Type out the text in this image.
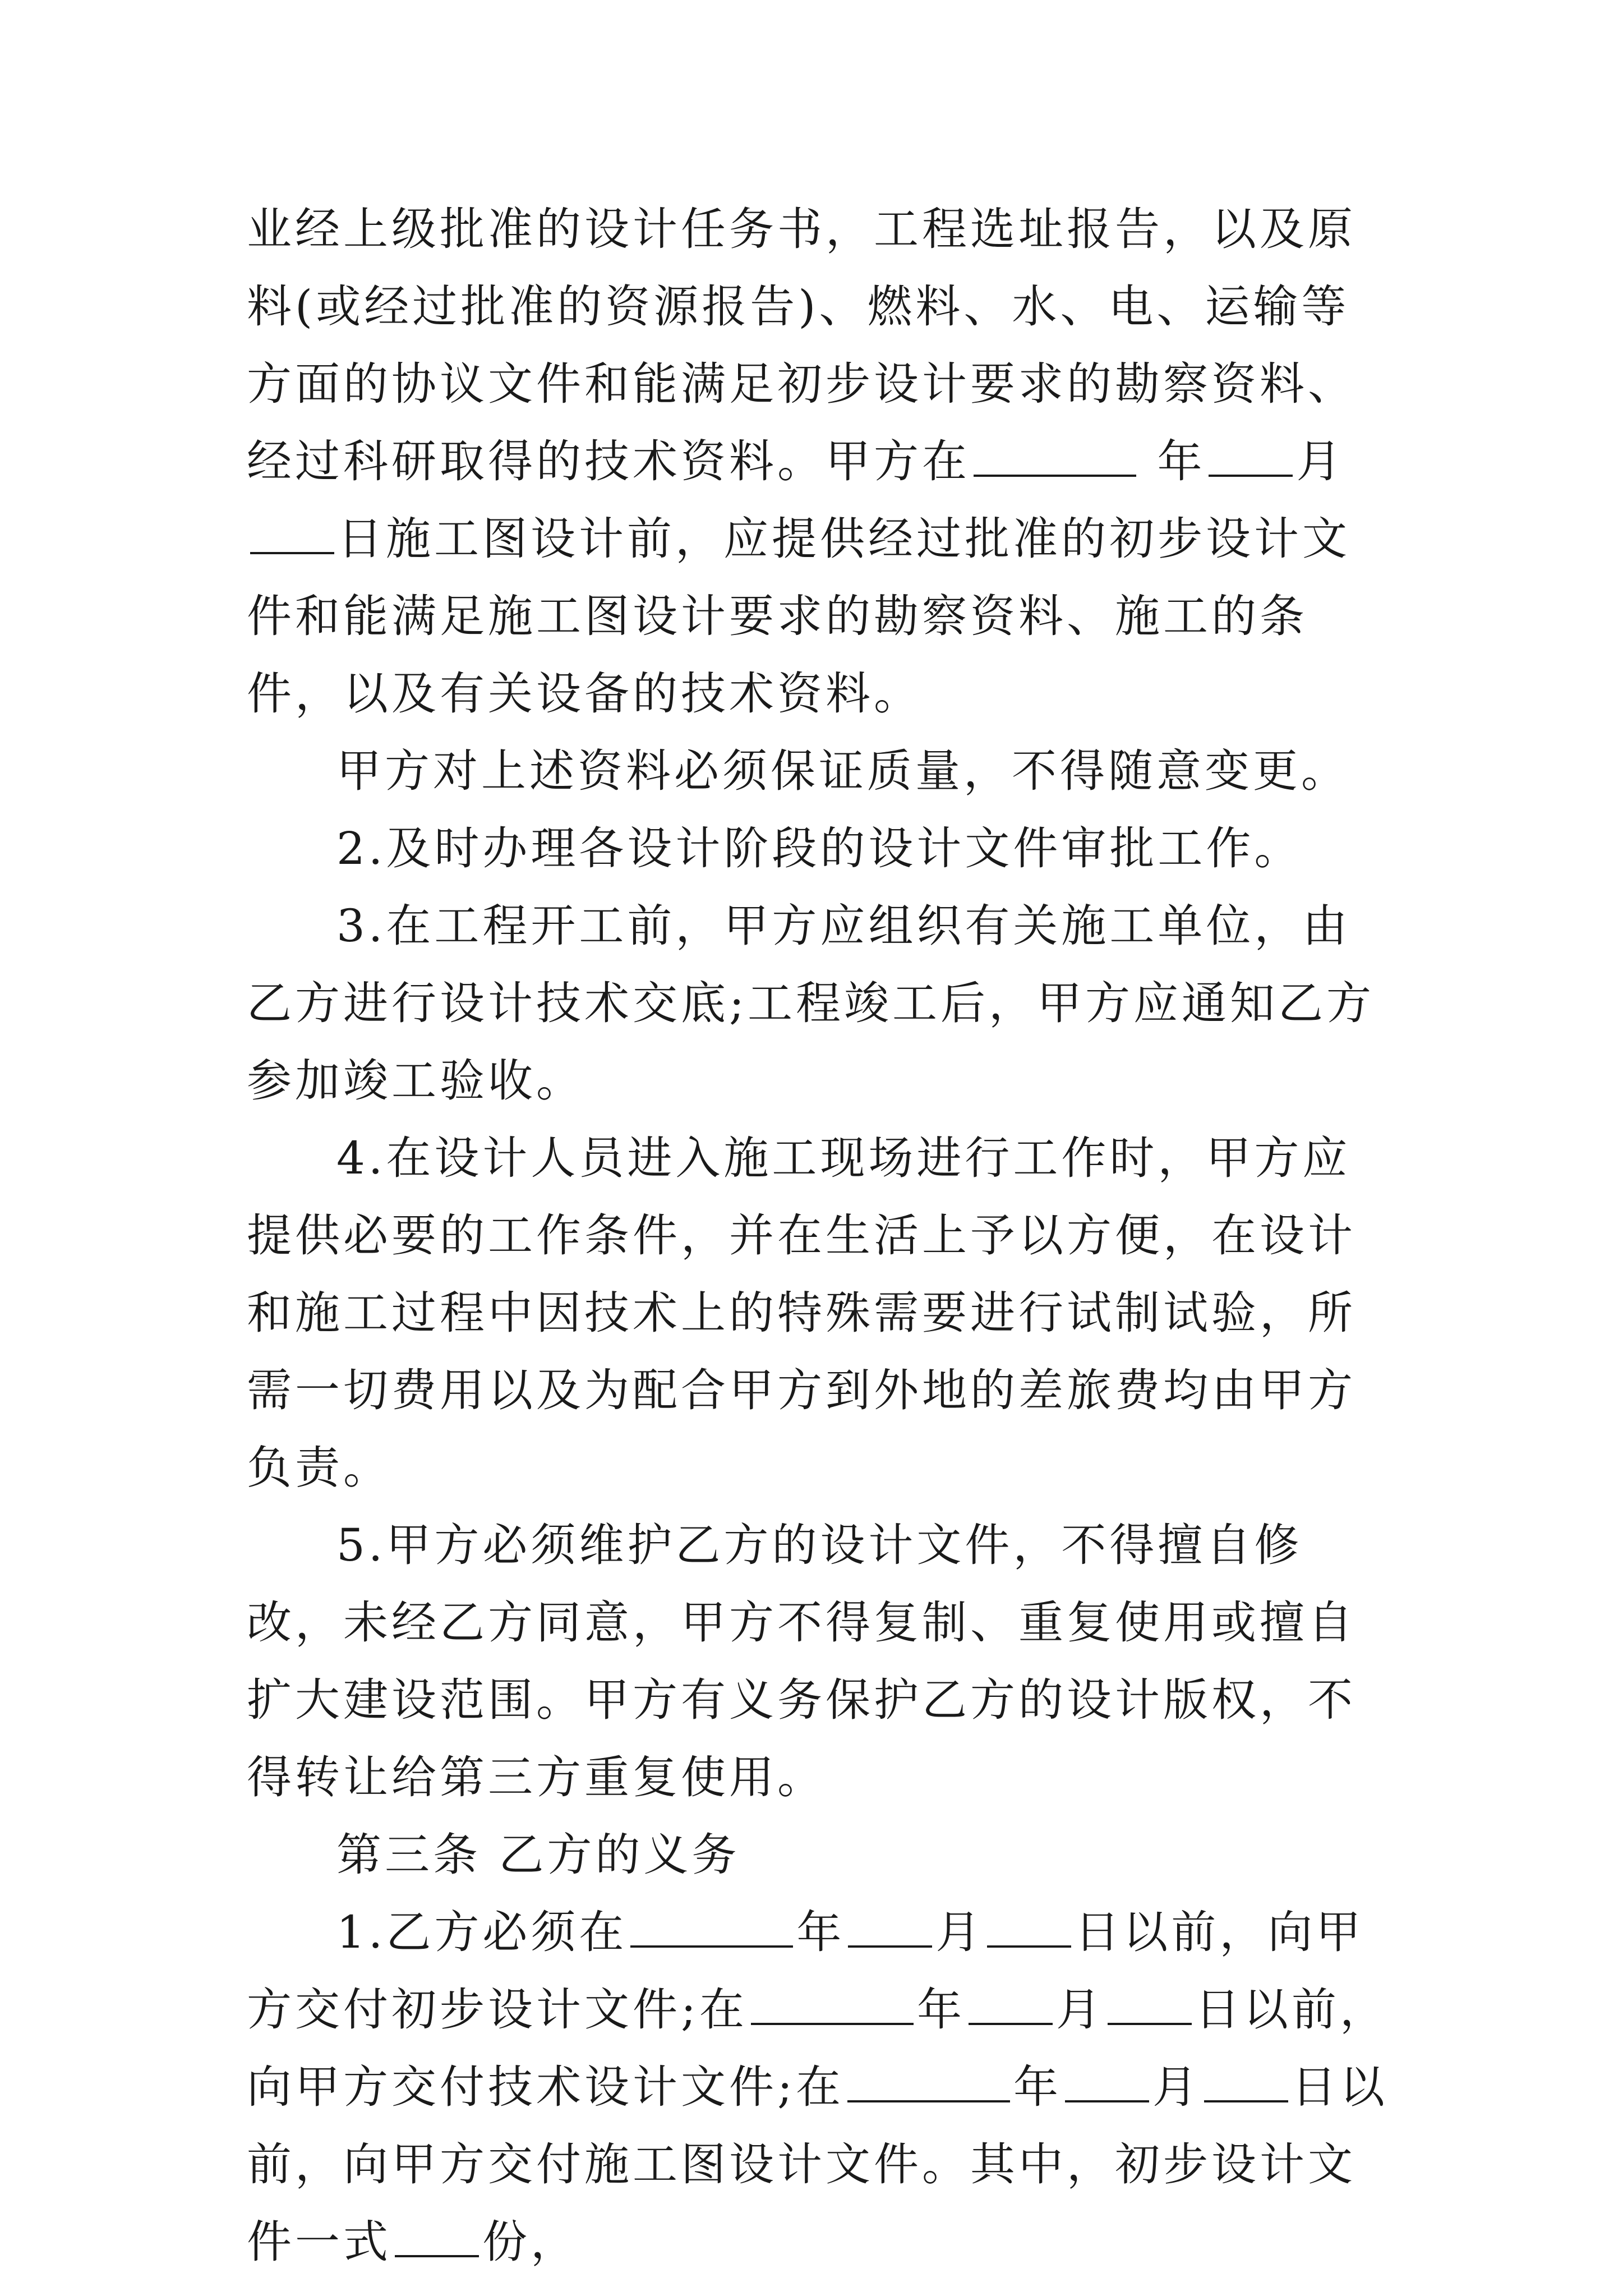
业经上级批准的设计任务书，工程选址报告，以及原料(或经过批准的资源报告)、燃料、水、电、运输等方面的协议文件和能满足初步设计要求的勘察资料、经过科研取得的技术资料。甲方在	年 月日施工图设计前，应提供经过批准的初步设计文件和能满足施工图设计要求的勘察资料、施工的条件，以及有关设备的技术资料。

甲方对上述资料必须保证质量，不得随意变更。

2.及时办理各设计阶段的设计文件审批工作。

3.在工程开工前，甲方应组织有关施工单位，由乙方进行设计技术交底;工程竣工后，甲方应通知乙方参加竣工验收。

4.在设计人员进入施工现场进行工作时，甲方应提供必要的工作条件，并在生活上予以方便，在设计和施工过程中因技术上的特殊需要进行试制试验，所需一切费用以及为配合甲方到外地的差旅费均由甲方负责。

5.甲方必须维护乙方的设计文件，不得擅自修改，未经乙方同意，甲方不得复制、重复使用或擅自扩大建设范围。甲方有义务保护乙方的设计版权，不得转让给第三方重复使用。

第三条 乙方的义务

1.乙方必须在	年 月 日以前，向甲方交付初步设计文件;在	年 月 日以前，向甲方交付技术设计文件;在	年 月 日以前，向甲方交付施工图设计文件。其中，初步设计文件一式 份，
